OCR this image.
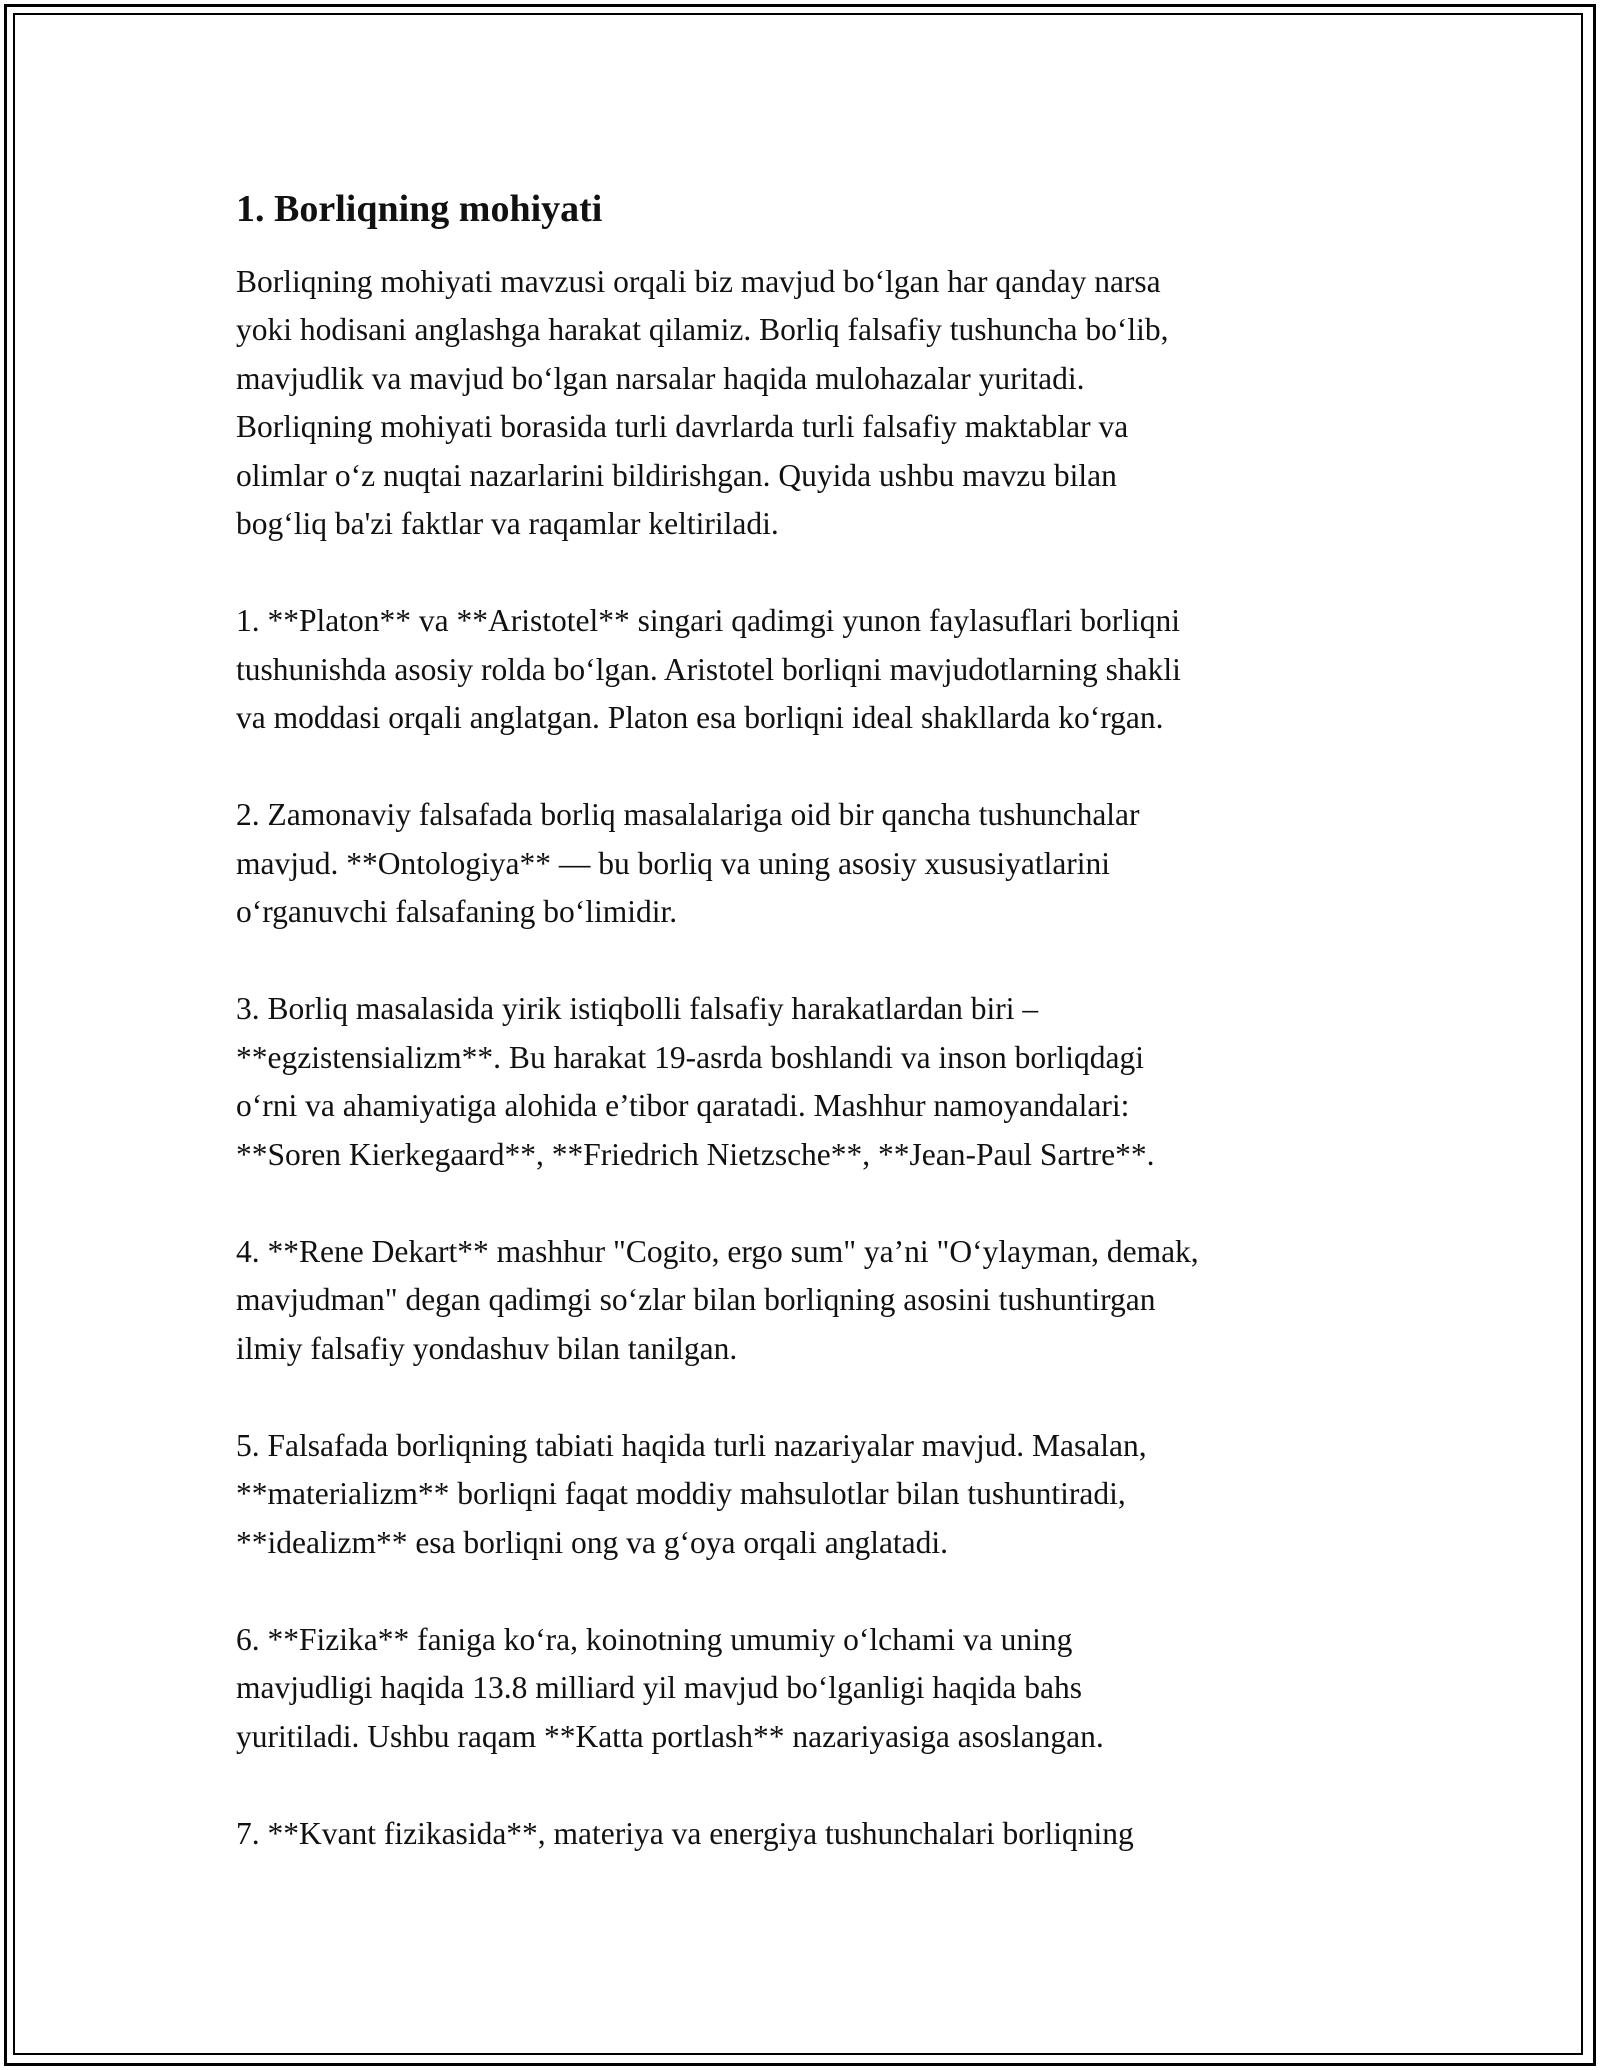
1. Borliqning mohiyati

Borliqning mohiyati mavzusi orqali biz mavjud bo‘lgan har qanday narsa
yoki hodisani anglashga harakat qilamiz. Borliq falsafiy tushuncha bo‘lib,
mavjudlik va mavjud bo‘lgan narsalar haqida mulohazalar yuritadi.
Borliqning mohiyati borasida turli davrlarda turli falsafiy maktablar va
olimlar o‘z nuqtai nazarlarini bildirishgan. Quyida ushbu mavzu bilan
bog‘liq ba'zi faktlar va raqamlar keltiriladi.

1. **Platon** va **Aristotel** singari qadimgi yunon faylasuflari borliqni
tushunishda asosiy rolda bo‘lgan. Aristotel borliqni mavjudotlarning shakli
va moddasi orqali anglatgan. Platon esa borliqni ideal shakllarda ko‘rgan.

2. Zamonaviy falsafada borliq masalalariga oid bir qancha tushunchalar
mavjud. **Ontologiya** — bu borliq va uning asosiy xususiyatlarini
o‘rganuvchi falsafaning bo‘limidir.

3. Borliq masalasida yirik istiqbolli falsafiy harakatlardan biri –
**egzistensializm**. Bu harakat 19-asrda boshlandi va inson borliqdagi
o‘rni va ahamiyatiga alohida e’tibor qaratadi. Mashhur namoyandalari:
**Soren Kierkegaard**, **Friedrich Nietzsche**, **Jean-Paul Sartre**.

4. **Rene Dekart** mashhur "Cogito, ergo sum" ya’ni "O‘ylayman, demak,
mavjudman" degan qadimgi so‘zlar bilan borliqning asosini tushuntirgan
ilmiy falsafiy yondashuv bilan tanilgan.

5. Falsafada borliqning tabiati haqida turli nazariyalar mavjud. Masalan,
**materializm** borliqni faqat moddiy mahsulotlar bilan tushuntiradi,
**idealizm** esa borliqni ong va g‘oya orqali anglatadi.

6. **Fizika** faniga ko‘ra, koinotning umumiy o‘lchami va uning
mavjudligi haqida 13.8 milliard yil mavjud bo‘lganligi haqida bahs
yuritiladi. Ushbu raqam **Katta portlash** nazariyasiga asoslangan.

7. **Kvant fizikasida**, materiya va energiya tushunchalari borliqning
